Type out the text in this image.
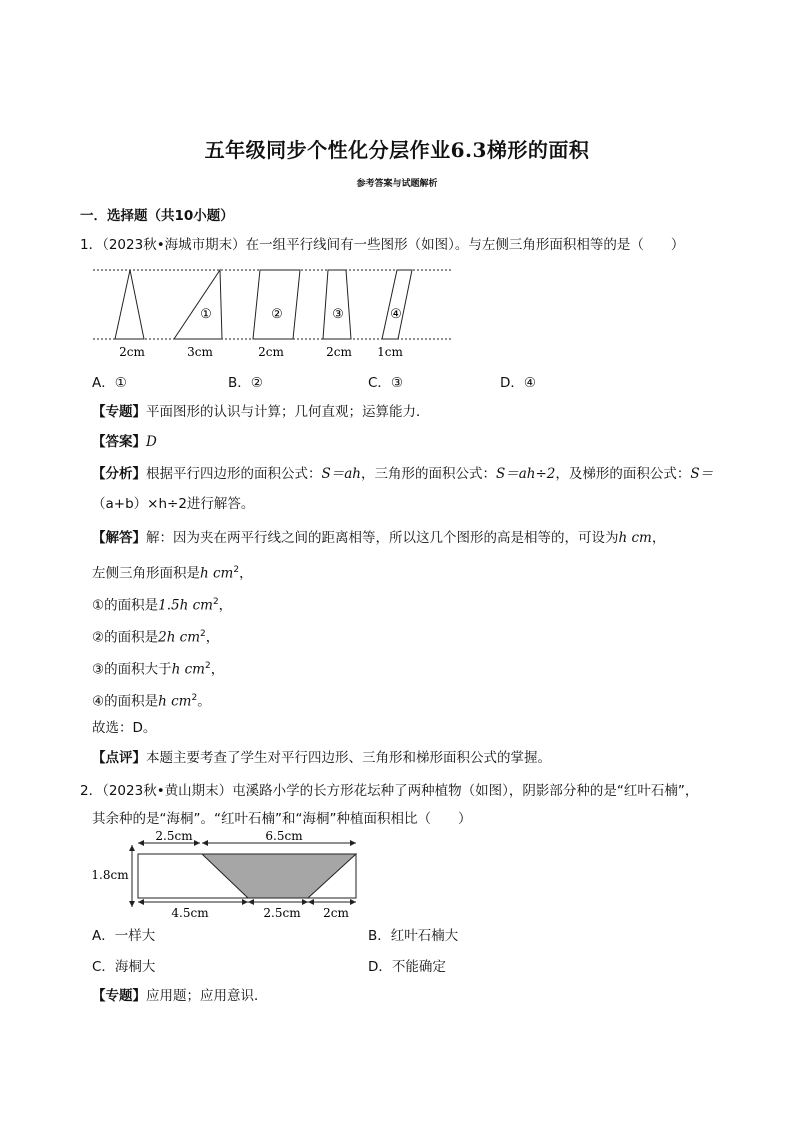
五年级同步个性化分层作业6.3梯形的面积
参考答案与试题解析
一．选择题（共10小题）
1．（2023秋•海城市期末）在一组平行线间有一些图形（如图）。与左侧三角形面积相等的是（　　）
①	②	③	④
2cm	3cm	2cm	2cm 1cm
A．①	B．②	C．③	D．④
【专题】平面图形的认识与计算；几何直观；运算能力．
【答案】D
【分析】根据平行四边形的面积公式：S＝ah，三角形的面积公式：S＝ah÷2，及梯形的面积公式：S＝
（a+b）×h÷2进行解答。
【解答】解：因为夹在两平行线之间的距离相等，所以这几个图形的高是相等的，可设为h cm，
左侧三角形面积是h $cm^2$，
①的面积是1.5h $cm^2$，
②的面积是2h $cm^2$，
③的面积大于h $cm^2$，
④的面积是h $cm^2$。
故选：D。
【点评】本题主要考查了学生对平行四边形、三角形和梯形面积公式的掌握。
2．（2023秋•黄山期末）屯溪路小学的长方形花坛种了两种植物（如图），阴影部分种的是“红叶石楠”，
其余种的是“海桐”。“红叶石楠”和“海桐”种植面积相比（　　）
2.5cm	6.5cm
1.8cm
4.5cm	2.5cm 2cm
A．一样大	B．红叶石楠大
C．海桐大	D．不能确定
【专题】应用题；应用意识．
